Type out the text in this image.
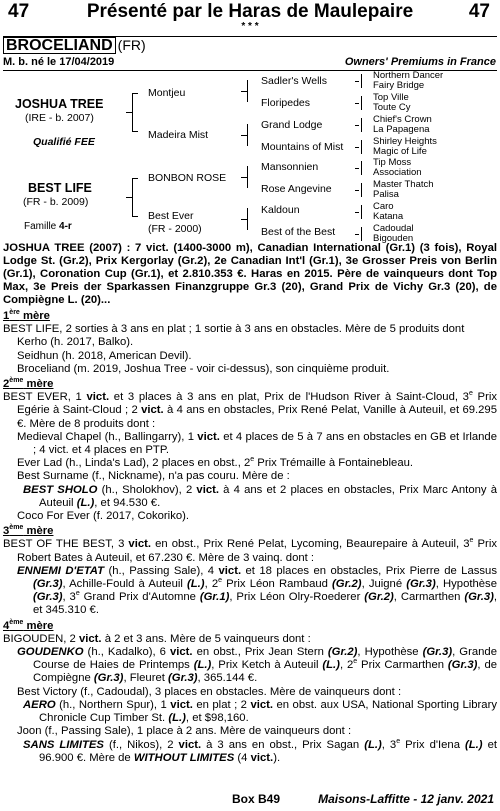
Présenté par le Haras de Maulepaire
47	47
* * *
BROCELIAND (FR)
M. b. né le 17/04/2019	Owners' Premiums in France
JOSHUA TREE
(IRE - b. 2007)
Qualifié FEE
BEST LIFE
(FR - b. 2009)
Famille 4-r
Montjeu
Madeira Mist
BONBON ROSE
Best Ever
(FR - 2000)
Sadler's Wells
Floripedes
Grand Lodge
Mountains of Mist
Mansonnien
Rose Angevine
Kaldoun
Best of the Best
Northern Dancer
Fairy Bridge
Top Ville
Toute Cy
Chief's Crown
La Papagena
Shirley Heights
Magic of Life
Tip Moss
Association
Master Thatch
Palisa
Caro
Katana
Cadoudal
Bigouden

JOSHUA TREE (2007) : 7 vict. (1400-3000 m), Canadian International (Gr.1) (3 fois), Royal Lodge St. (Gr.2), Prix Kergorlay (Gr.2), 2e Canadian Int'l (Gr.1), 3e Grosser Preis von Berlin (Gr.1), Coronation Cup (Gr.1), et 2.810.353 €. Haras en 2015. Père de vainqueurs dont Top Max, 3e Preis der Sparkassen Finanzgruppe Gr.3 (20), Grand Prix de Vichy Gr.3 (20), de Compiègne L. (20)...

1ère mère

BEST LIFE, 2 sorties à 3 ans en plat ; 1 sortie à 3 ans en obstacles. Mère de 5 produits dont

Kerho (h. 2017, Balko).

Seidhun (h. 2018, American Devil).

Broceliand (m. 2019, Joshua Tree - voir ci-dessus), son cinquième produit.

2ème mère

BEST EVER, 1 vict. et 3 places à 3 ans en plat, Prix de l'Hudson River à Saint-Cloud, 3e Prix Egérie à Saint-Cloud ; 2 vict. à 4 ans en obstacles, Prix René Pelat, Vanille à Auteuil, et 69.295 €. Mère de 8 produits dont :

Medieval Chapel (h., Ballingarry), 1 vict. et 4 places de 5 à 7 ans en obstacles en GB et Irlande ; 4 vict. et 4 places en PTP.

Ever Lad (h., Linda's Lad), 2 places en obst., 2e Prix Trémaille à Fontainebleau.

Best Surname (f., Nickname), n'a pas couru. Mère de :

BEST SHOLO (h., Sholokhov), 2 vict. à 4 ans et 2 places en obstacles, Prix Marc Antony à Auteuil (L.), et 94.530 €.

Coco For Ever (f. 2017, Cokoriko).

3ème mère

BEST OF THE BEST, 3 vict. en obst., Prix René Pelat, Lycoming, Beaurepaire à Auteuil, 3e Prix Robert Bates à Auteuil, et 67.230 €. Mère de 3 vainq. dont :

ENNEMI D'ETAT (h., Passing Sale), 4 vict. et 18 places en obstacles, Prix Pierre de Lassus (Gr.3), Achille-Fould à Auteuil (L.), 2e Prix Léon Rambaud (Gr.2), Juigné (Gr.3), Hypothèse (Gr.3), 3e Grand Prix d'Automne (Gr.1), Prix Léon Olry-Roederer (Gr.2), Carmarthen (Gr.3), et 345.310 €.

4ème mère

BIGOUDEN, 2 vict. à 2 et 3 ans. Mère de 5 vainqueurs dont :

GOUDENKO (h., Kadalko), 6 vict. en obst., Prix Jean Stern (Gr.2), Hypothèse (Gr.3), Grande Course de Haies de Printemps (L.), Prix Ketch à Auteuil (L.), 2e Prix Carmarthen (Gr.3), de Compiègne (Gr.3), Fleuret (Gr.3), 365.144 €.

Best Victory (f., Cadoudal), 3 places en obstacles. Mère de vainqueurs dont :

AERO (h., Northern Spur), 1 vict. en plat ; 2 vict. en obst. aux USA, National Sporting Library Chronicle Cup Timber St. (L.), et $98,160.

Joon (f., Passing Sale), 1 place à 2 ans. Mère de vainqueurs dont :

SANS LIMITES (f., Nikos), 2 vict. à 3 ans en obst., Prix Sagan (L.), 3e Prix d'Iena (L.) et 96.900 €. Mère de WITHOUT LIMITES (4 vict.).

Box B49	Maisons-Laffitte - 12 janv. 2021
